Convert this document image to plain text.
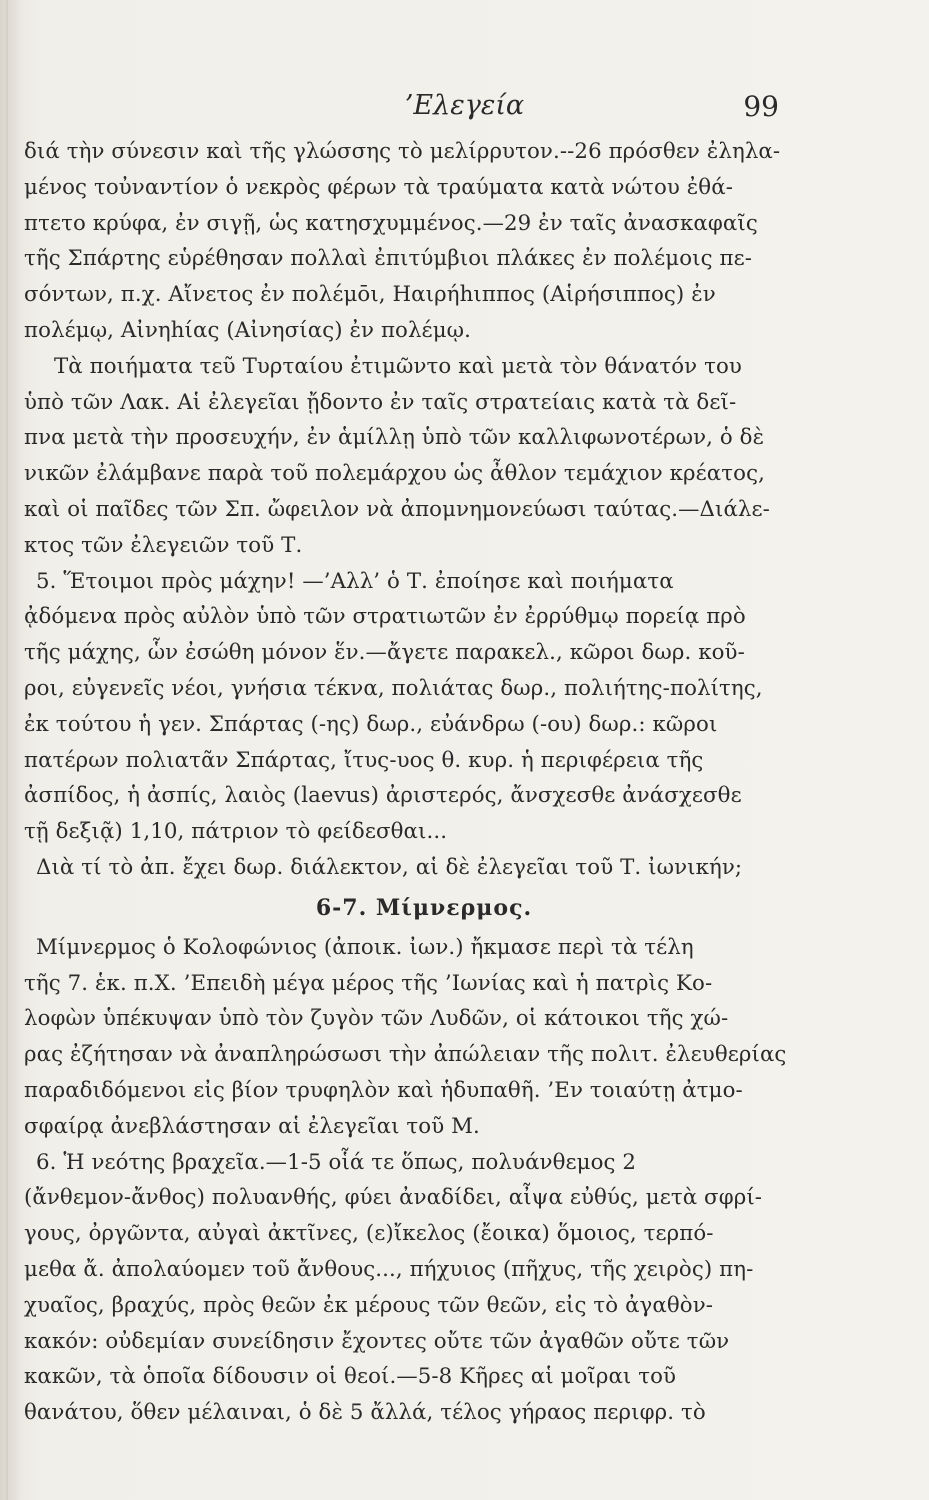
’Ελεγεία	99
διά τὴν σύνεσιν καὶ τῆς γλώσσης τὸ μελίρρυτον.--26 πρόσθεν ἐληλα-
μένος τοὐναντίον ὁ νεκρὸς φέρων τὰ τραύματα κατὰ νώτου ἐθά-
πτετο κρύφα, ἐν σιγῇ, ὡς κατησχυμμένος.—29 ἐν ταῖς ἀνασκαφαῖς
τῆς Σπάρτης εὑρέθησαν πολλαὶ ἐπιτύμβιοι πλάκες ἐν πολέμοις πε-
σόντων, π.χ. Αἴνετος ἐν πολέμōι, Ηαιρήhιππος (Αἱρήσιππος) ἐν
πολέμῳ, Αἰνηhίας (Αἰνησίας) ἐν πολέμῳ.
Τὰ ποιήματα τεῦ Τυρταίου ἐτιμῶντο καὶ μετὰ τὸν θάνατόν του
ὑπὸ τῶν Λακ. Αἱ ἐλεγεῖαι ᾔδοντο ἐν ταῖς στρατείαις κατὰ τὰ δεῖ-
πνα μετὰ τὴν προσευχήν, ἐν ἁμίλλῃ ὑπὸ τῶν καλλιφωνοτέρων, ὁ δὲ
νικῶν ἐλάμβανε παρὰ τοῦ πολεμάρχου ὡς ἆθλον τεμάχιον κρέατος,
καὶ οἱ παῖδες τῶν Σπ. ὤφειλον νὰ ἀπομνημονεύωσι ταύτας.—Διάλε-
κτος τῶν ἐλεγειῶν τοῦ Τ.
5. Ἕτοιμοι πρὸς μάχην! —’Αλλ’ ὁ Τ. ἐποίησε καὶ ποιήματα
ᾀδόμενα πρὸς αὐλὸν ὑπὸ τῶν στρατιωτῶν ἐν ἐρρύθμῳ πορείᾳ πρὸ
τῆς μάχης, ὧν ἐσώθη μόνον ἕν.—ἄγετε παρακελ., κῶροι δωρ. κοῦ-
ροι, εὐγενεῖς νέοι, γνήσια τέκνα, πολιάτας δωρ., πολιήτης-πολίτης,
ἐκ τούτου ἡ γεν. Σπάρτας (-ης) δωρ., εὐάνδρω (-ου) δωρ.: κῶροι
πατέρων πολιατᾶν Σπάρτας, ἴτυς-υος θ. κυρ. ἡ περιφέρεια τῆς
ἀσπίδος, ἡ ἀσπίς, λαιὸς (laevus) ἀριστερός, ἄνσχεσθε ἀνάσχεσθε
τῇ δεξιᾷ) 1,10, πάτριον τὸ φείδεσθαι...
Διὰ τί τὸ ἀπ. ἔχει δωρ. διάλεκτον, αἱ δὲ ἐλεγεῖαι τοῦ Τ. ἰωνικήν;
6-7. Μίμνερμος.
Μίμνερμος ὁ Κολοφώνιος (ἀποικ. ἰων.) ἤκμασε περὶ τὰ τέλη
τῆς 7. ἑκ. π.Χ. ’Επειδὴ μέγα μέρος τῆς ’Ιωνίας καὶ ἡ πατρὶς Κο-
λοφὼν ὑπέκυψαν ὑπὸ τὸν ζυγὸν τῶν Λυδῶν, οἱ κάτοικοι τῆς χώ-
ρας ἐζήτησαν νὰ ἀναπληρώσωσι τὴν ἀπώλειαν τῆς πολιτ. ἐλευθερίας
παραδιδόμενοι εἰς βίον τρυφηλὸν καὶ ἡδυπαθῆ. ’Εν τοιαύτῃ ἀτμο-
σφαίρᾳ ἀνεβλάστησαν αἱ ἐλεγεῖαι τοῦ Μ.
6. Ἡ νεότης βραχεῖα.—1-5 οἷά τε ὅπως, πολυάνθεμος 2
(ἄνθεμον-ἄνθος) πολυανθής, φύει ἀναδίδει, αἶψα εὐθύς, μετὰ σφρί-
γους, ὀργῶντα, αὐγαὶ ἀκτῖνες, (ε)ἴκελος (ἔοικα) ὅμοιος, τερπό-
μεθα ἄ. ἀπολαύομεν τοῦ ἄνθους..., πήχυιος (πῆχυς, τῆς χειρὸς) πη-
χυαῖος, βραχύς, πρὸς θεῶν ἐκ μέρους τῶν θεῶν, εἰς τὸ ἀγαθὸν-
κακόν: οὐδεμίαν συνείδησιν ἔχοντες οὔτε τῶν ἀγαθῶν οὔτε τῶν
κακῶν, τὰ ὁποῖα δίδουσιν οἱ θεοί.—5-8 Κῆρες αἱ μοῖραι τοῦ
θανάτου, ὅθεν μέλαιναι, ὁ δὲ 5 ἄλλά, τέλος γήραος περιφρ. τὸ
